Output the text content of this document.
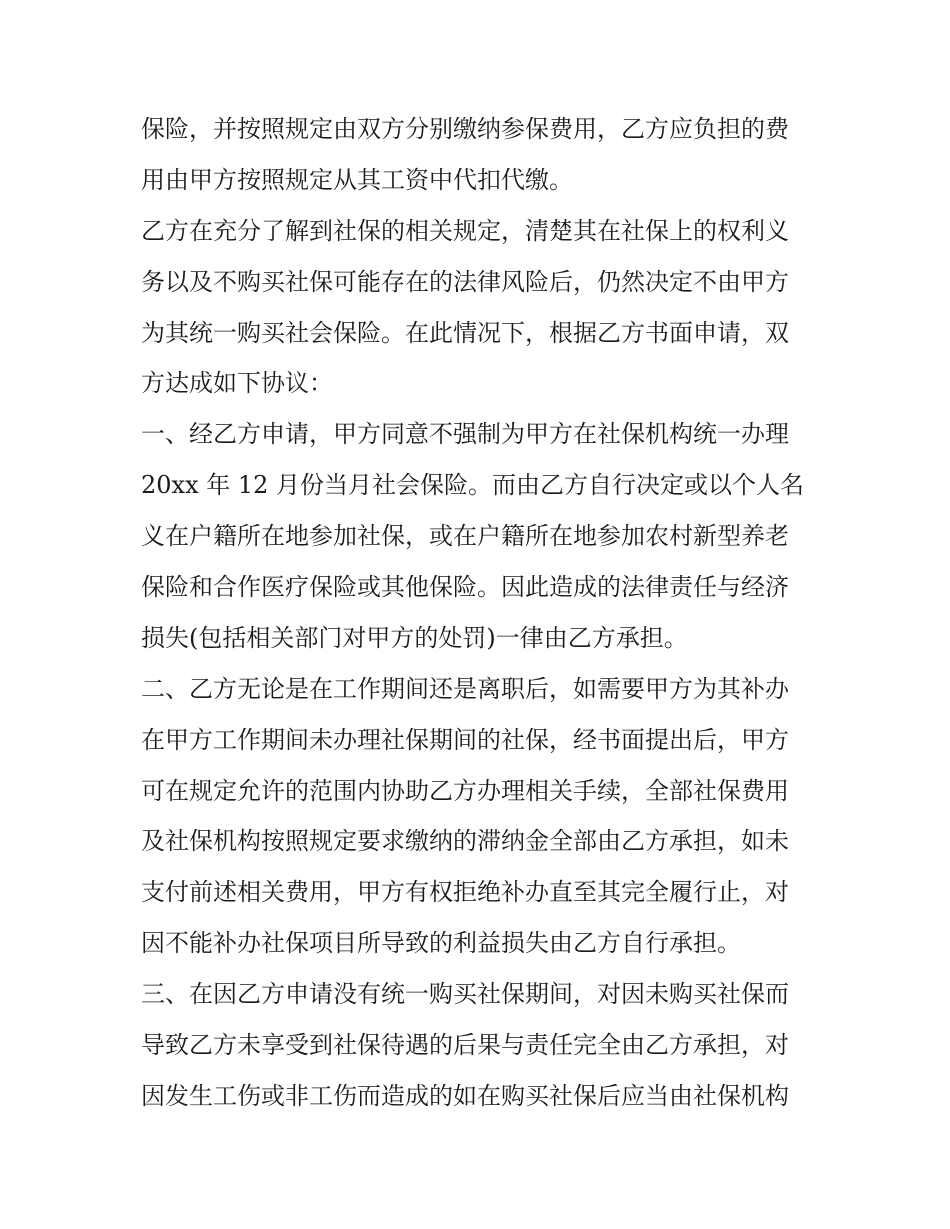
保险，并按照规定由双方分别缴纳参保费用，乙方应负担的费
用由甲方按照规定从其工资中代扣代缴。
乙方在充分了解到社保的相关规定，清楚其在社保上的权利义
务以及不购买社保可能存在的法律风险后，仍然决定不由甲方
为其统一购买社会保险。在此情况下，根据乙方书面申请，双
方达成如下协议：
一、经乙方申请，甲方同意不强制为甲方在社保机构统一办理
20xx 年 12 月份当月社会保险。而由乙方自行决定或以个人名
义在户籍所在地参加社保，或在户籍所在地参加农村新型养老
保险和合作医疗保险或其他保险。因此造成的法律责任与经济
损失(包括相关部门对甲方的处罚)一律由乙方承担。
二、乙方无论是在工作期间还是离职后，如需要甲方为其补办
在甲方工作期间未办理社保期间的社保，经书面提出后，甲方
可在规定允许的范围内协助乙方办理相关手续，全部社保费用
及社保机构按照规定要求缴纳的滞纳金全部由乙方承担，如未
支付前述相关费用，甲方有权拒绝补办直至其完全履行止，对
因不能补办社保项目所导致的利益损失由乙方自行承担。
三、在因乙方申请没有统一购买社保期间，对因未购买社保而
导致乙方未享受到社保待遇的后果与责任完全由乙方承担，对
因发生工伤或非工伤而造成的如在购买社保后应当由社保机构
